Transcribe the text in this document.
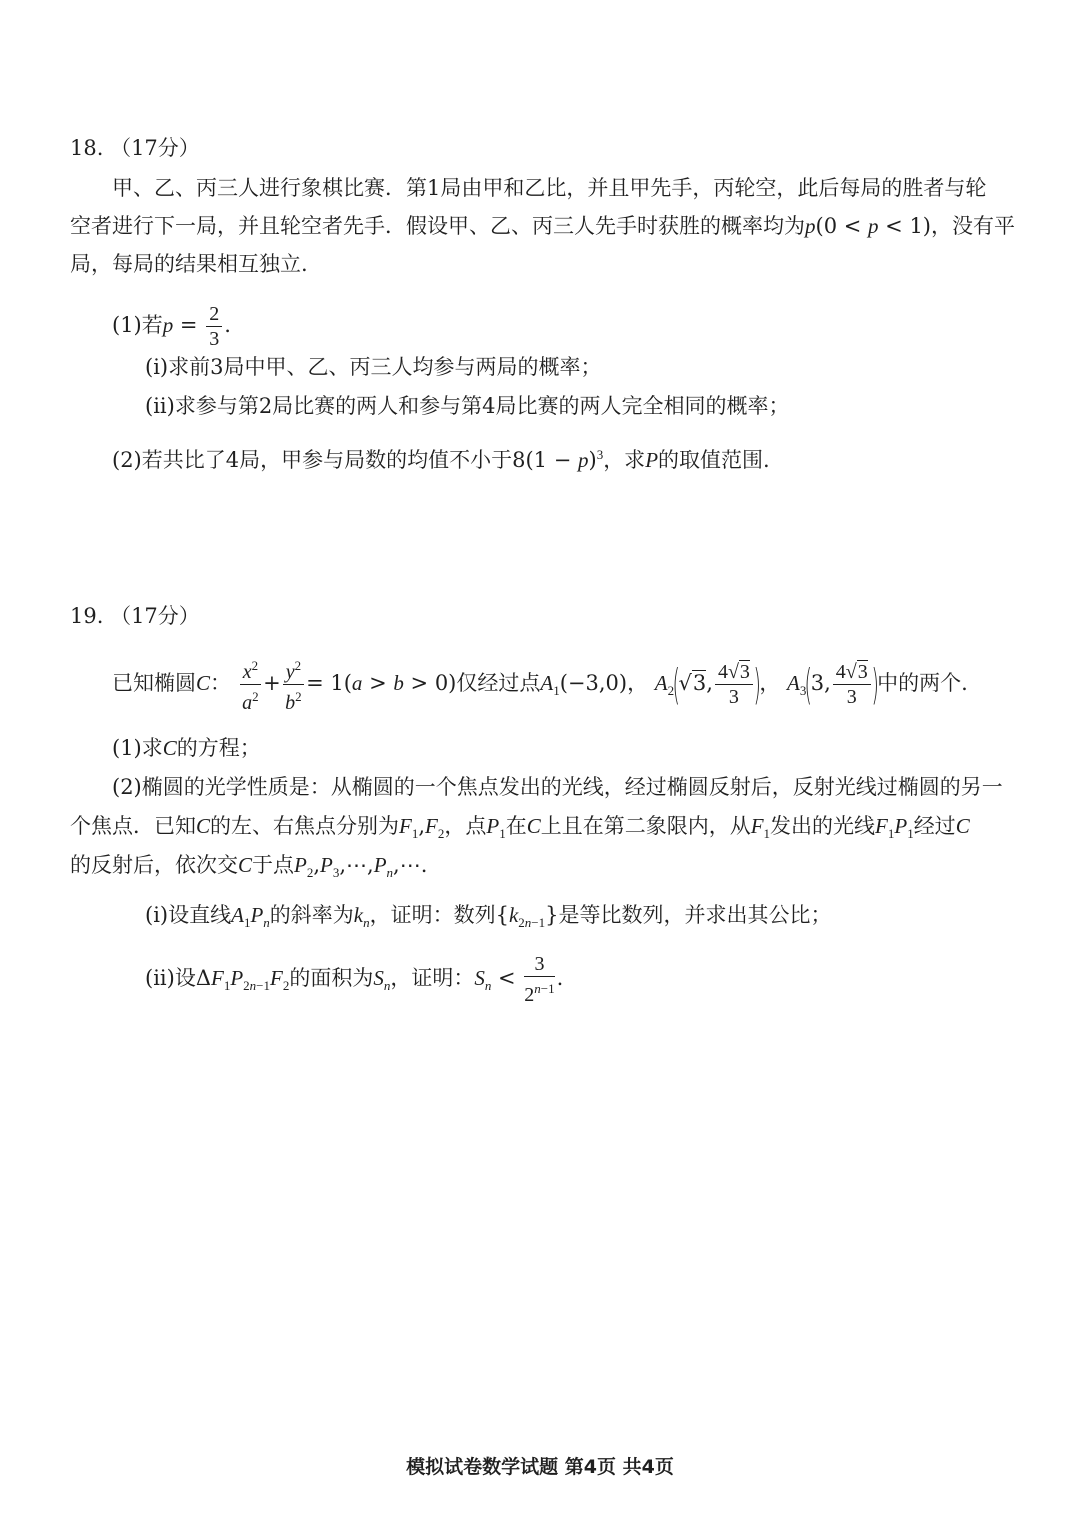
18. （17分）
甲、乙、丙三人进行象棋比赛．第1局由甲和乙比，并且甲先手，丙轮空，此后每局的胜者与轮
空者进行下一局，并且轮空者先手．假设甲、乙、丙三人先手时获胜的概率均为p(0 < p < 1)，没有平
局，每局的结果相互独立.
(1)若$p = \frac{2}{3}$ .
(i)求前3局中甲、乙、丙三人均参与两局的概率；
(ii)求参与第2局比赛的两人和参与第4局比赛的两人完全相同的概率；
(2)若共比了4局，甲参与局数的均值不小于$8(1 - p)^3$，求P的取值范围.
19. （17分）
已知椭圆C： $\frac{x^2}{a^2} + \frac{y^2}{b^2} = 1(a > b > 0)$仅经过点$A_1(-3,0)$， $A_2(√3$, $\frac{4√3}{3}$ )， $A_3(3$, $\frac{4√3}{3}$ )中的两个.
(1)求C的方程；
(2)椭圆的光学性质是：从椭圆的一个焦点发出的光线，经过椭圆反射后，反射光线过椭圆的另一
个焦点．已知C的左、右焦点分别为$F_1,F_2$，点$P_1$在C上且在第二象限内，从$F_1$发出的光线$F_1P_1$经过C
的反射后，依次交C于点$P_2,P_3,\cdots,P_n,\cdots$.
(i)设直线$A_1P_n$的斜率为$k_n$，证明：数列$\{k_{2n-1}\}$是等比数列，并求出其公比；
(ii)设$\Delta F_1P_{2n-1}F_2$的面积为$S_n$，证明：$S_n < \frac{3}{2^{n-1}}$ .
模拟试卷数学试题 第4页 共4页
